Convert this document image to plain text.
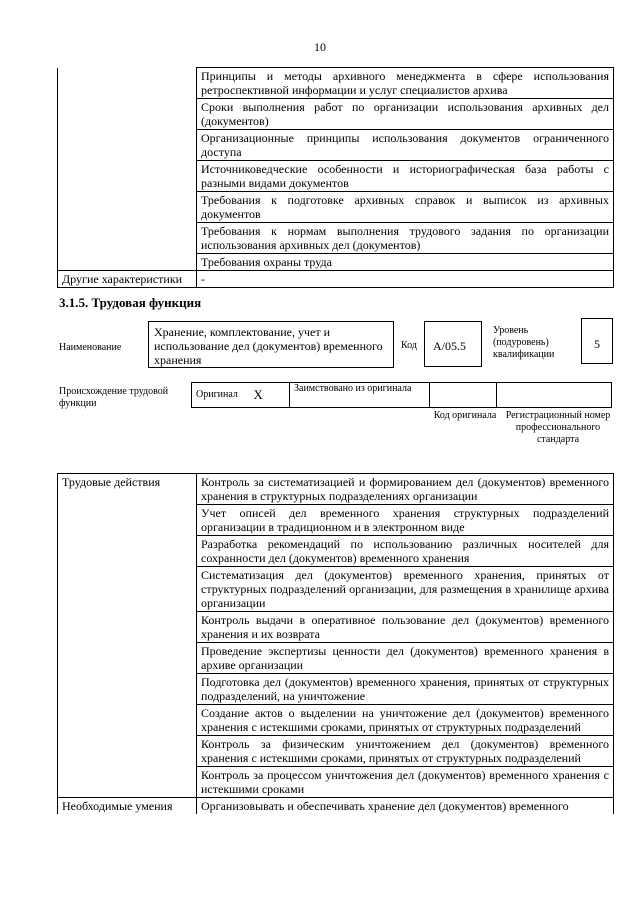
10
	Принципы и методы архивного менеджмента в сфере использования ретроспективной информации и услуг специалистов архива
	Сроки выполнения работ по организации использования архивных дел (документов)
	Организационные принципы использования документов ограниченного доступа
	Источниковедческие особенности и историографическая база работы с разными видами документов
	Требования к подготовке архивных справок и выписок из архивных документов
	Требования к нормам выполнения трудового задания по организации использования архивных дел (документов)
	Требования охраны труда
Другие характеристики	-
3.1.5. Трудовая функция
Наименование
Хранение, комплектование, учет и использование дел (документов) временного хранения
Код	A/05.5
Уровень (подуровень) квалификации
5
Происхождение трудовой функции
Оригинал	X	Заимствовано из оригинала		
Код оригинала Регистрационный номер профессионального стандарта
Трудовые действия	Контроль за систематизацией и формированием дел (документов) временного хранения в структурных подразделениях организации
	Учет описей дел временного хранения структурных подразделений организации в традиционном и в электронном виде
	Разработка рекомендаций по использованию различных носителей для сохранности дел (документов) временного хранения
	Систематизация дел (документов) временного хранения, принятых от структурных подразделений организации, для размещения в хранилище архива организации
	Контроль выдачи в оперативное пользование дел (документов) временного хранения и их возврата
	Проведение экспертизы ценности дел (документов) временного хранения в архиве организации
	Подготовка дел (документов) временного хранения, принятых от структурных подразделений, на уничтожение
	Создание актов о выделении на уничтожение дел (документов) временного хранения с истекшими сроками, принятых от структурных подразделений
	Контроль за физическим уничтожением дел (документов) временного хранения с истекшими сроками, принятых от структурных подразделений
	Контроль за процессом уничтожения дел (документов) временного хранения с истекшими сроками
Необходимые умения	Организовывать и обеспечивать хранение дел (документов) временного
